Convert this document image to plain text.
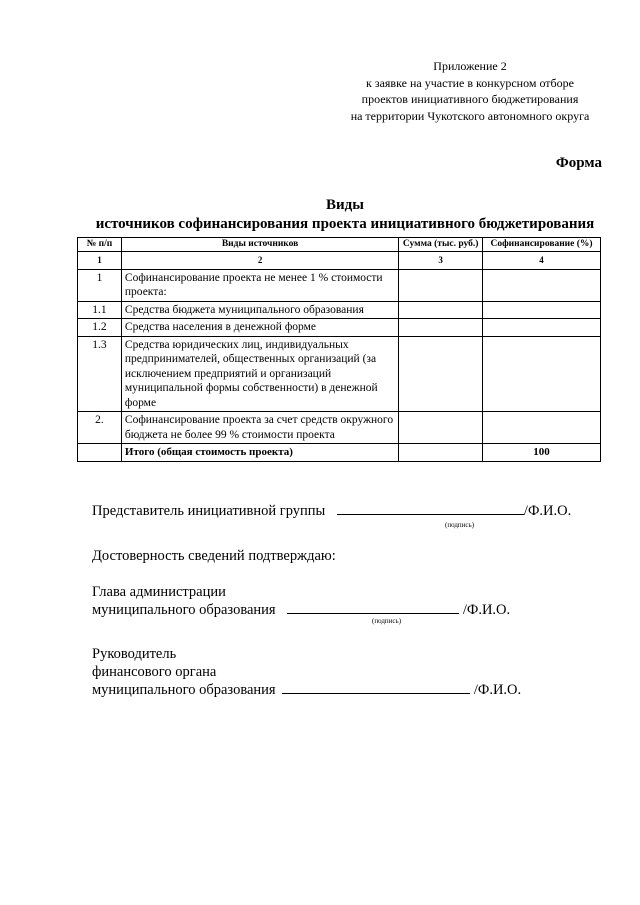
Приложение 2
к заявке на участие в конкурсном отборе
проектов инициативного бюджетирования
на территории Чукотского автономного округа
Форма
Виды
источников софинансирования проекта инициативного бюджетирования
№ п/п	Виды источников	Сумма (тыс. руб.)	Софинансирование (%)
1	2	3	4
1	Софинансирование проекта не менее 1 % стоимости проекта:		
1.1	Средства бюджета муниципального образования		
1.2	Средства населения в денежной форме		
1.3	Средства юридических лиц, индивидуальных предпринимателей, общественных организаций (за исключением предприятий и организаций муниципальной формы собственности) в денежной форме		
2.	Софинансирование проекта за счет средств окружного бюджета не более 99 % стоимости проекта		
	Итого (общая стоимость проекта)		100
Представитель инициативной группы	/Ф.И.О.
(подпись)
Достоверность сведений подтверждаю:
Глава администрации
муниципального образования	/Ф.И.О.
(подпись)
Руководитель
финансового органа
муниципального образования	/Ф.И.О.
